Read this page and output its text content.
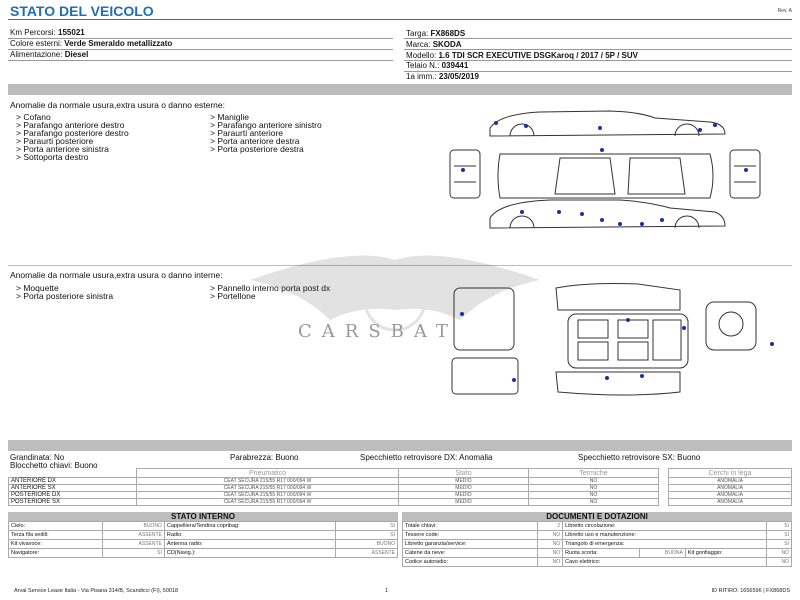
STATO DEL VEICOLO	Rev. A
Km Percorsi: 155021
Colore esterni: Verde Smeraldo metallizzato
Alimentazione: Diesel
Targa: FX868DS
Marca: SKODA
Modello: 1.6 TDI SCR EXECUTIVE DSGKaroq / 2017 / 5P / SUV
Telaio N.: 039441
1a imm.: 23/05/2019
Anomalie da normale usura,extra usura o danno esterne:
> Cofano
> Parafango anteriore destro
> Parafango posteriore destro
> Paraurti posteriore
> Porta anteriore sinistra
> Sottoporta destro
> Maniglie
> Parafango anteriore sinistro
> Paraurti anteriore
> Porta anteriore destra
> Porta posteriore destra
Anomalie da normale usura,extra usura o danno interne:
> Moquette
> Porta posteriore sinistra
> Pannello interno porta post dx
> Portellone
CARSBAT
Grandinata: No	Parabrezza: Buono	Specchietto retrovisore DX: Anomalia	Specchietto retrovisore SX: Buono
Blocchetto chiavi: Buono
	Pneumatico	Stato	Termiche		Cerchi in lega
ANTERIORE DX	CEAT SECURA 215/55 R17 000/094 W	MEDIO	NO		ANOMALIA
ANTERIORE SX	CEAT SECURA 215/55 R17 000/094 W	MEDIO	NO		ANOMALIA
POSTERIORE DX	CEAT SECURA 215/55 R17 000/094 W	MEDIO	NO		ANOMALIA
POSTERIORE SX	CEAT SECURA 215/55 R17 000/094 W	MEDIO	NO		ANOMALIA
STATO INTERNO
Cielo:	BUONO	Cappelliera/Tendina copribag:	SI
Terza fila sedili:	ASSENTE	Radio:	SI
Kit vivavoce:	ASSENTE	Antenna radio:	BUONO
Navigatore:	SI	CD(Navig.):	ASSENTE
DOCUMENTI E DOTAZIONI
Totale chiavi:	2	Libretto circolazione:			SI
Tessere code:	NO	Libretto uso e manutenzione:			SI
Libretto garanzia/service:	NO	Triangolo di emergenza:			SI
Catene da neve:	NO	Ruota scorta:	BUONA	Kit gonfiaggio:	NO
Codice autoradio:	NO	Cavo elettrico:			NO
Arval Service Lease Italia - Via Pisana 314/B, Scandicci (FI), 50018	1	ID RITIRO: 1656596 | FX868DS
